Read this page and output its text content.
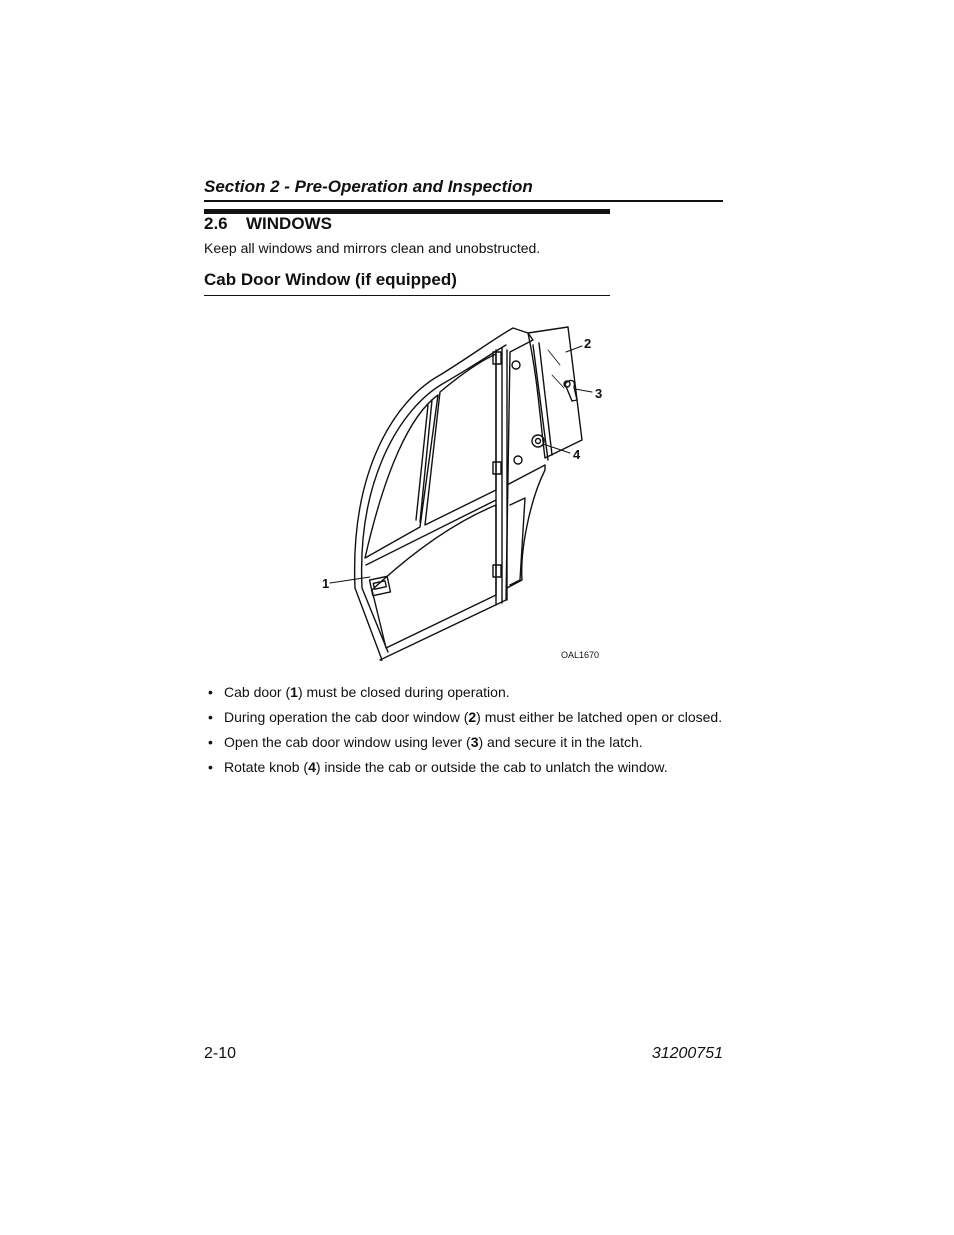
Section 2 - Pre-Operation and Inspection
2.6 WINDOWS
Keep all windows and mirrors clean and unobstructed.
Cab Door Window (if equipped)
1
2
3
4
OAL1670
• Cab door (1) must be closed during operation.
• During operation the cab door window (2) must either be latched open or closed.
• Open the cab door window using lever (3) and secure it in the latch.
• Rotate knob (4) inside the cab or outside the cab to unlatch the window.
2-10	31200751
